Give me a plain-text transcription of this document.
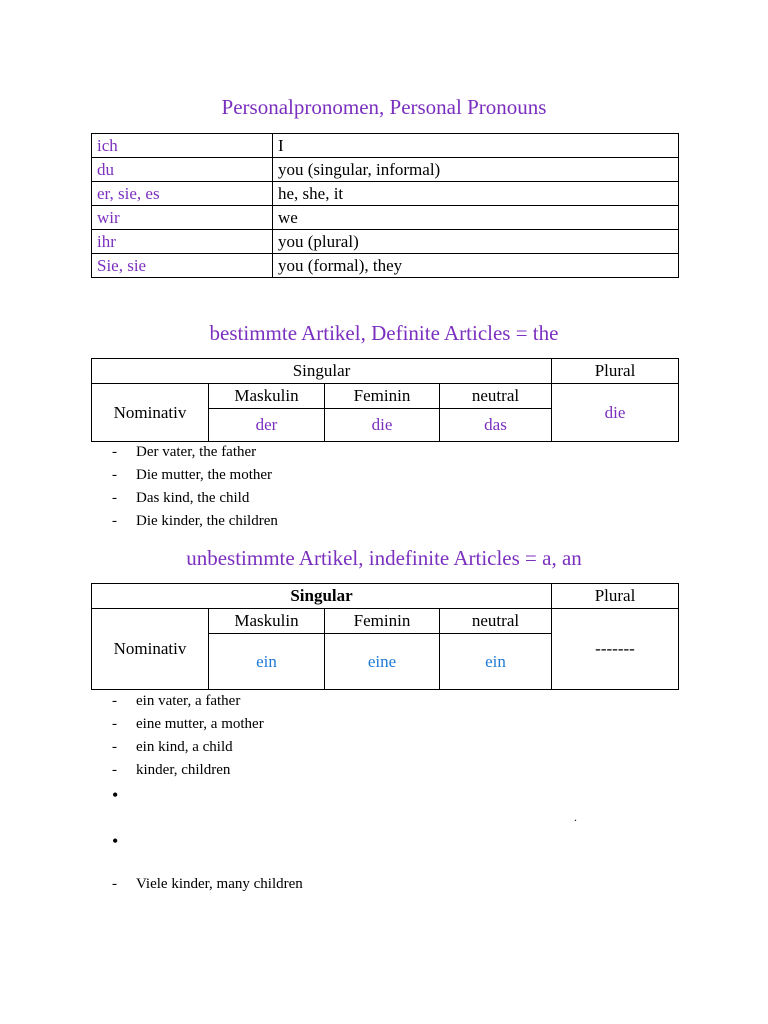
Personalpronomen, Personal Pronouns
ich	I
du	you (singular, informal)
er, sie, es	he, she, it
wir	we
ihr	you (plural)
Sie, sie	you (formal), they
bestimmte Artikel, Definite Articles = the
Singular				Plural
Nominativ	Maskulin	Feminin	neutral	die
	der	die	das	
- Der vater, the father
- Die mutter, the mother
- Das kind, the child
- Die kinder, the children
unbestimmte Artikel, indefinite Articles = a, an
Singular				Plural
Nominativ	Maskulin	Feminin	neutral	-------
	ein	eine	ein	
- ein vater, a father
- eine mutter, a mother
- ein kind, a child
- kinder, children
•
.
•
- Viele kinder, many children
